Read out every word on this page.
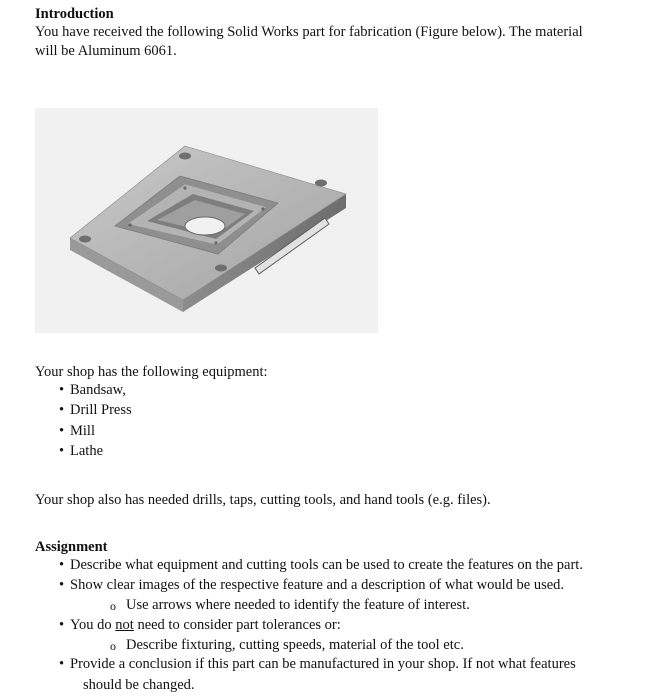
Introduction
You have received the following Solid Works part for fabrication (Figure below). The material
will be Aluminum 6061.
Your shop has the following equipment:
• Bandsaw,
• Drill Press
• Mill
• Lathe
Your shop also has needed drills, taps, cutting tools, and hand tools (e.g. files).
Assignment
• Describe what equipment and cutting tools can be used to create the features on the part.
• Show clear images of the respective feature and a description of what would be used.
o Use arrows where needed to identify the feature of interest.
• You do not need to consider part tolerances or:
o Describe fixturing, cutting speeds, material of the tool etc.
• Provide a conclusion if this part can be manufactured in your shop. If not what features
should be changed.
